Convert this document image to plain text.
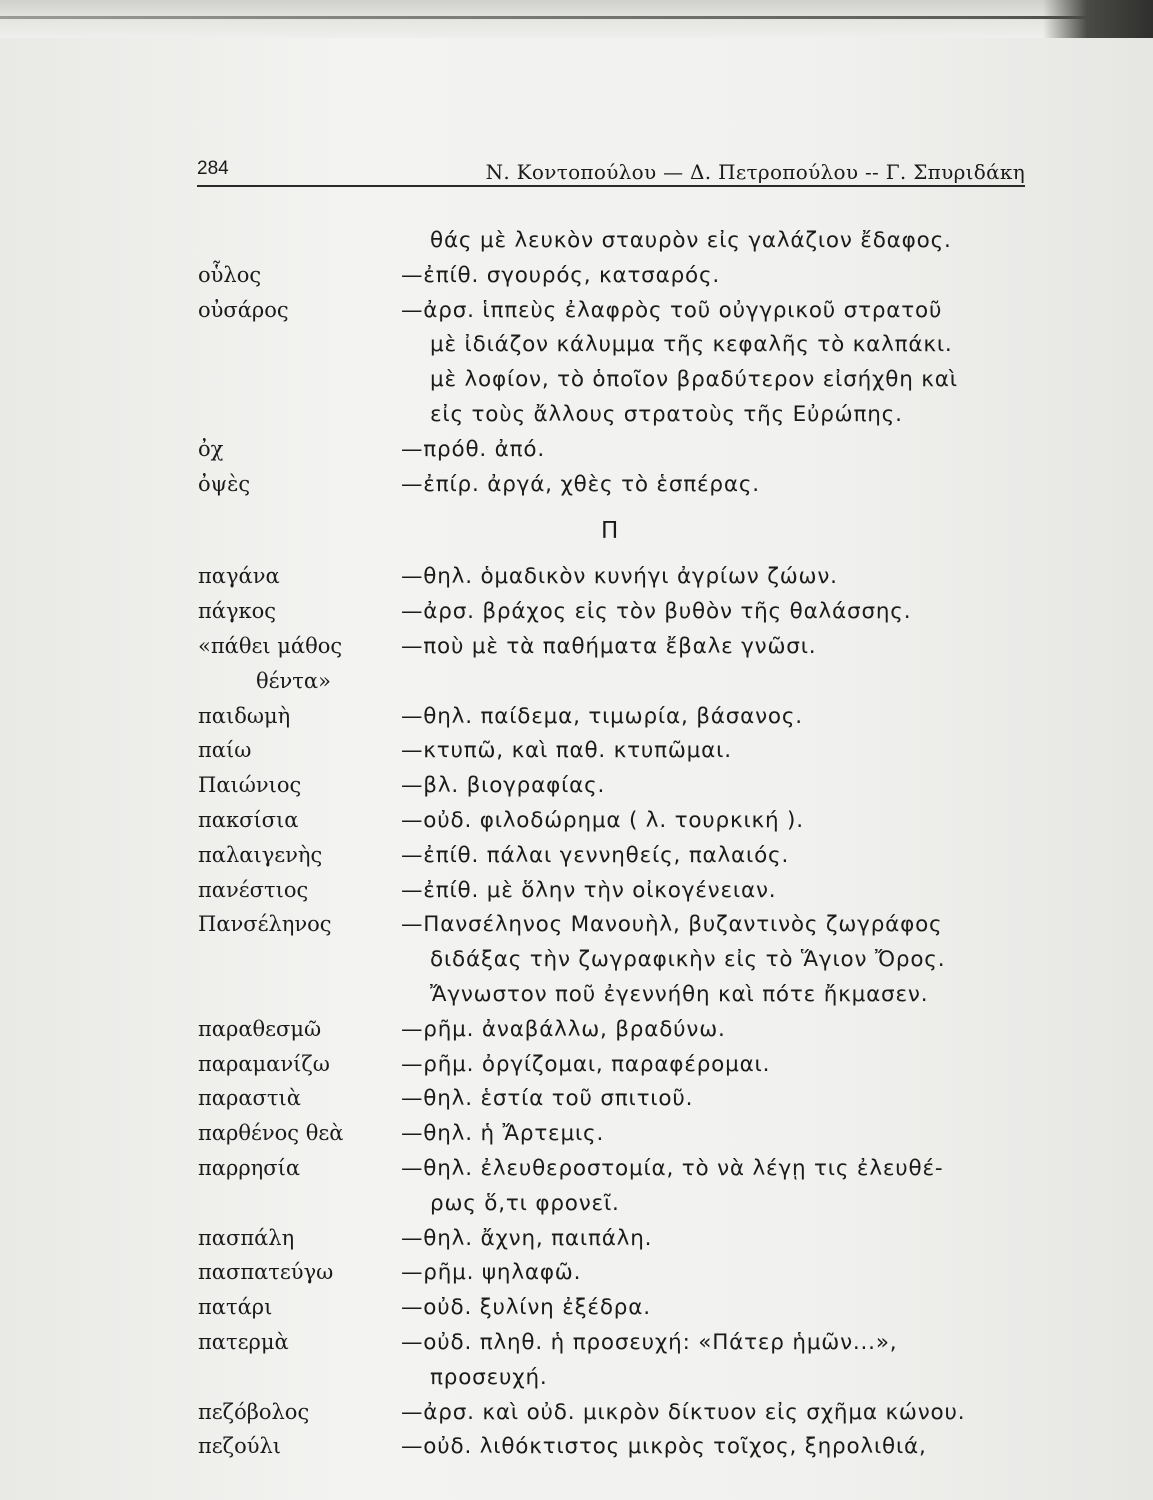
284	Ν. Κοντοπούλου — Δ. Πετροπούλου -- Γ. Σπυριδάκη
θάς μὲ λευκὸν σταυρὸν εἰς γαλάζιον ἔδαφος.
οὗλος	—ἐπίθ. σγουρός, κατσαρός.
οὐσάρος	—ἀρσ. ἱππεὺς ἐλαφρὸς τοῦ οὐγγρικοῦ στρατοῦ
μὲ ἰδιάζον κάλυμμα τῆς κεφαλῆς τὸ καλπάκι.
μὲ λοφίον, τὸ ὁποῖον βραδύτερον εἰσήχθη καὶ
εἰς τοὺς ἄλλους στρατοὺς τῆς Εὐρώπης.
ὀχ	—πρόθ. ἀπό.
ὀψὲς	—ἐπίρ. ἀργά, χθὲς τὸ ἑσπέρας.
Π
παγάνα	—θηλ. ὁμαδικὸν κυνήγι ἀγρίων ζώων.
πάγκος	—ἀρσ. βράχος εἰς τὸν βυθὸν τῆς θαλάσσης.
«πάθει μάθος	—ποὺ μὲ τὰ παθήματα ἔβαλε γνῶσι.
θέντα»
παιδωμὴ	—θηλ. παίδεμα, τιμωρία, βάσανος.
παίω	—κτυπῶ, καὶ παθ. κτυπῶμαι.
Παιώνιος	—βλ. βιογραφίας.
πακσίσια	—οὐδ. φιλοδώρημα ( λ. τουρκική ).
παλαιγενὴς	—ἐπίθ. πάλαι γεννηθείς, παλαιός.
πανέστιος	—ἐπίθ. μὲ ὅλην τὴν οἰκογένειαν.
Πανσέληνος	—Πανσέληνος Μανουὴλ, βυζαντινὸς ζωγράφος
διδάξας τὴν ζωγραφικὴν εἰς τὸ Ἅγιον Ὄρος.
Ἄγνωστον ποῦ ἐγεννήθη καὶ πότε ἤκμασεν.
παραθεσμῶ	—ρῆμ. ἀναβάλλω, βραδύνω.
παραμανίζω	—ρῆμ. ὀργίζομαι, παραφέρομαι.
παραστιὰ	—θηλ. ἑστία τοῦ σπιτιοῦ.
παρθένος θεὰ	—θηλ. ἡ Ἄρτεμις.
παρρησία	—θηλ. ἐλευθεροστομία, τὸ νὰ λέγῃ τις ἐλευθέ-
ρως ὅ,τι φρονεῖ.
πασπάλη	—θηλ. ἄχνη, παιπάλη.
πασπατεύγω	—ρῆμ. ψηλαφῶ.
πατάρι	—οὐδ. ξυλίνη ἐξέδρα.
πατερμὰ	—οὐδ. πληθ. ἡ προσευχή: «Πάτερ ἡμῶν...»,
προσευχή.
πεζόβολος	—ἀρσ. καὶ οὐδ. μικρὸν δίκτυον εἰς σχῆμα κώνου.
πεζούλι	—οὐδ. λιθόκτιστος μικρὸς τοῖχος, ξηρολιθιά,
